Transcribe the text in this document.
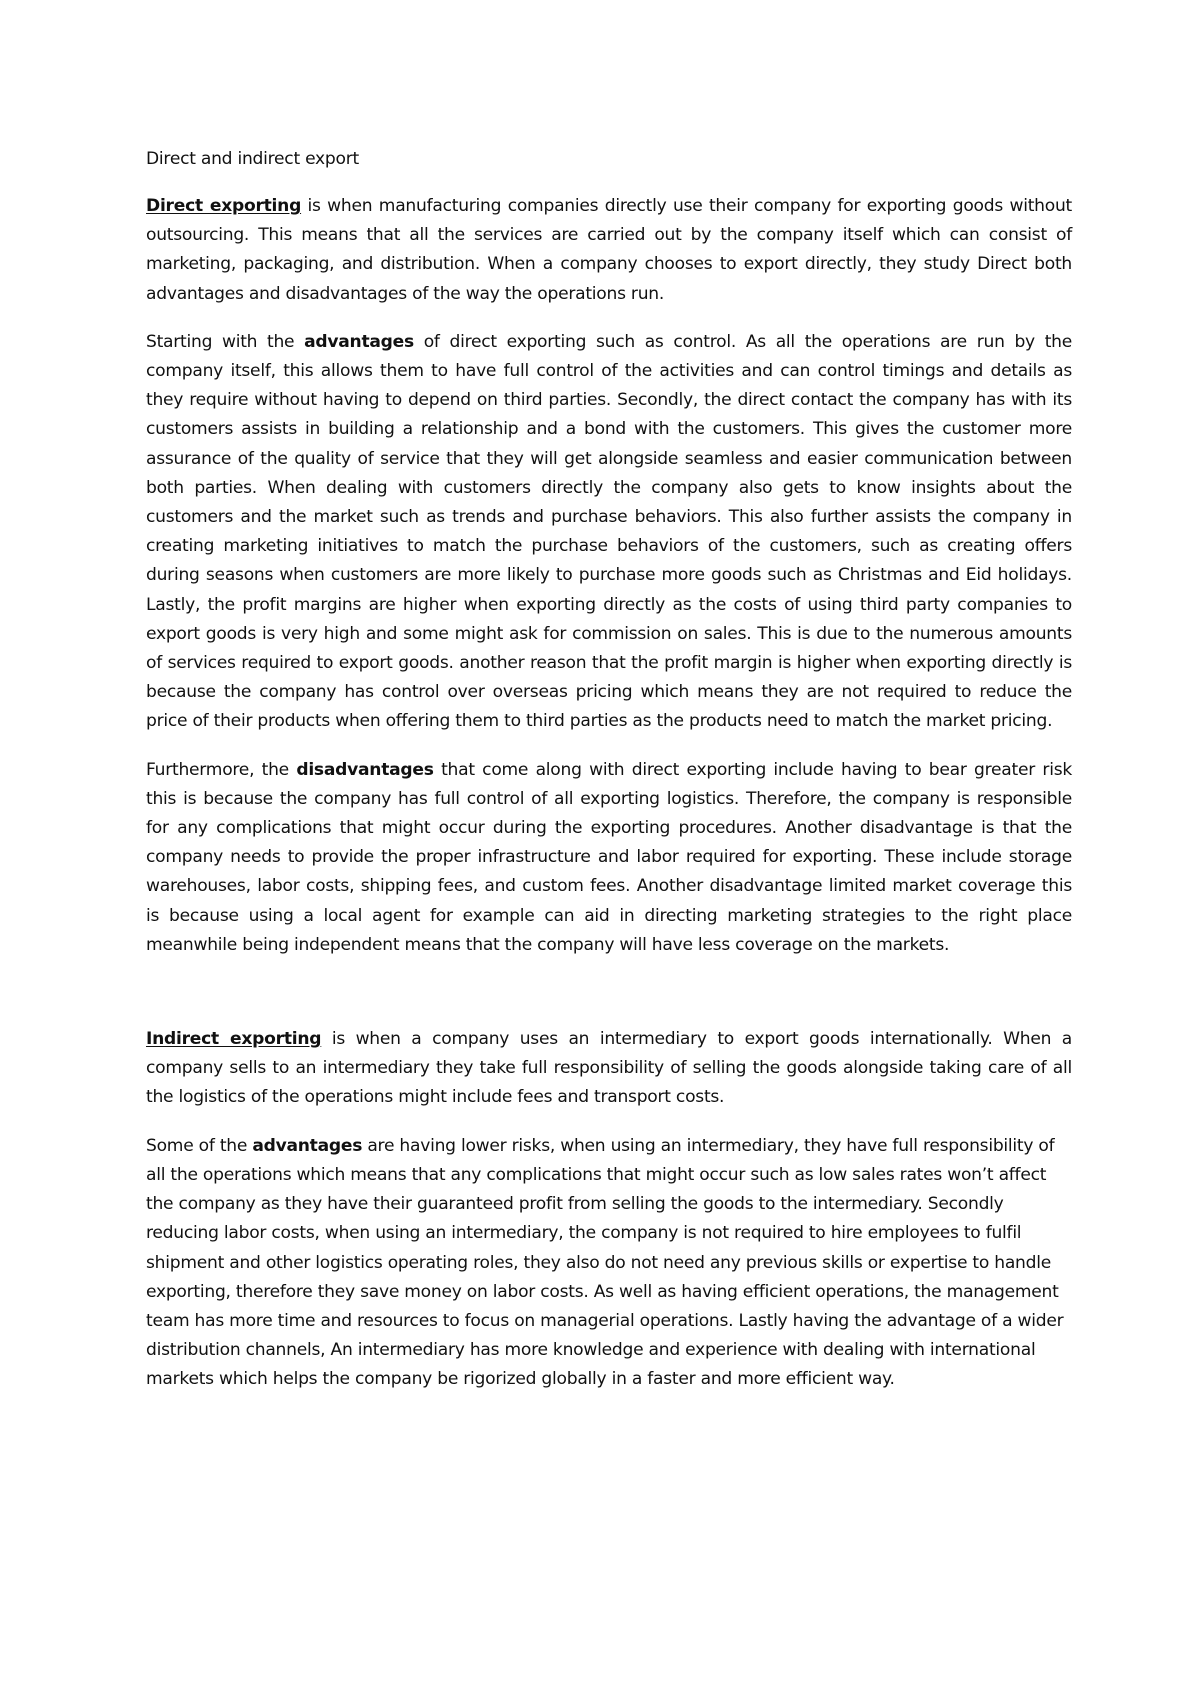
Direct and indirect export

Direct exporting is when manufacturing companies directly use their company for exporting goods without outsourcing. This means that all the services are carried out by the company itself which can consist of marketing, packaging, and distribution. When a company chooses to export directly, they study Direct both advantages and disadvantages of the way the operations run.

Starting with the advantages of direct exporting such as control. As all the operations are run by the company itself, this allows them to have full control of the activities and can control timings and details as they require without having to depend on third parties. Secondly, the direct contact the company has with its customers assists in building a relationship and a bond with the customers. This gives the customer more assurance of the quality of service that they will get alongside seamless and easier communication between both parties. When dealing with customers directly the company also gets to know insights about the customers and the market such as trends and purchase behaviors. This also further assists the company in creating marketing initiatives to match the purchase behaviors of the customers, such as creating offers during seasons when customers are more likely to purchase more goods such as Christmas and Eid holidays. Lastly, the profit margins are higher when exporting directly as the costs of using third party companies to export goods is very high and some might ask for commission on sales. This is due to the numerous amounts of services required to export goods. another reason that the profit margin is higher when exporting directly is because the company has control over overseas pricing which means they are not required to reduce the price of their products when offering them to third parties as the products need to match the market pricing.

Furthermore, the disadvantages that come along with direct exporting include having to bear greater risk this is because the company has full control of all exporting logistics. Therefore, the company is responsible for any complications that might occur during the exporting procedures. Another disadvantage is that the company needs to provide the proper infrastructure and labor required for exporting. These include storage warehouses, labor costs, shipping fees, and custom fees. Another disadvantage limited market coverage this is because using a local agent for example can aid in directing marketing strategies to the right place meanwhile being independent means that the company will have less coverage on the markets.

Indirect exporting is when a company uses an intermediary to export goods internationally. When a company sells to an intermediary they take full responsibility of selling the goods alongside taking care of all the logistics of the operations might include fees and transport costs.

Some of the advantages are having lower risks, when using an intermediary, they have full responsibility of all the operations which means that any complications that might occur such as low sales rates won’t affect the company as they have their guaranteed profit from selling the goods to the intermediary. Secondly reducing labor costs, when using an intermediary, the company is not required to hire employees to fulfil shipment and other logistics operating roles, they also do not need any previous skills or expertise to handle exporting, therefore they save money on labor costs. As well as having efficient operations, the management team has more time and resources to focus on managerial operations. Lastly having the advantage of a wider distribution channels, An intermediary has more knowledge and experience with dealing with international markets which helps the company be rigorized globally in a faster and more efficient way.
